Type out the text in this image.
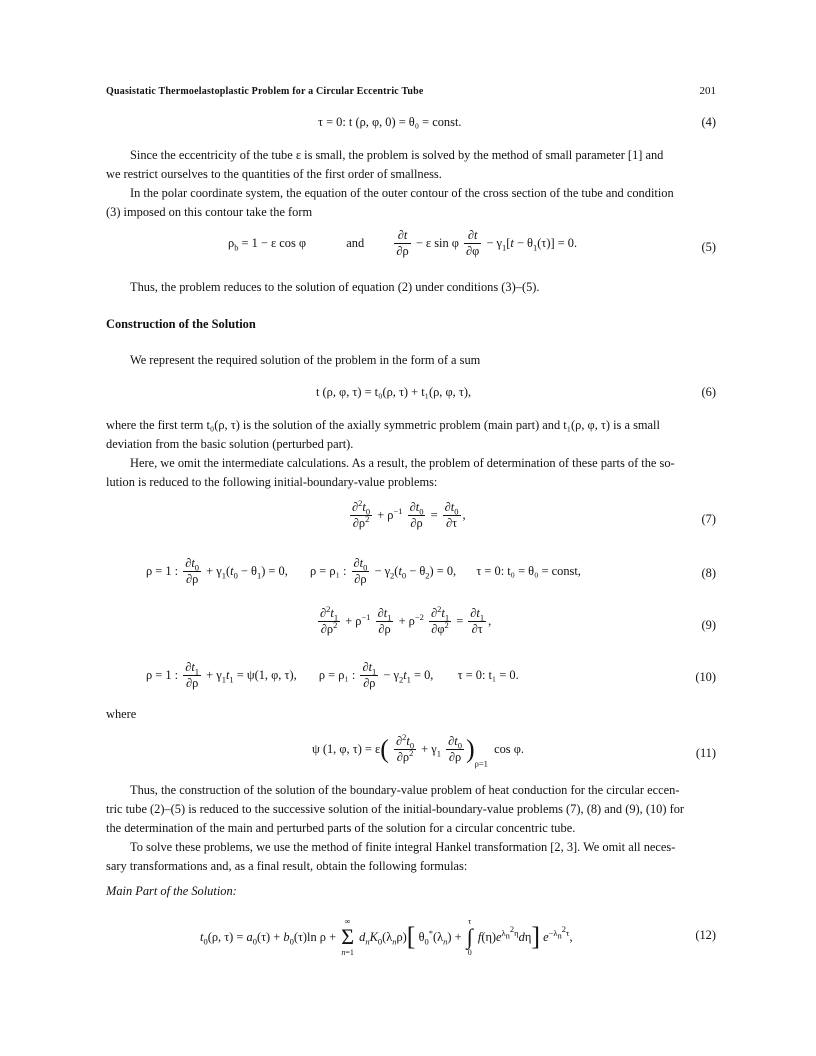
Quasistatic Thermoelastoplastic Problem for a Circular Eccentric Tube	201
τ = 0: t (ρ, φ, 0) = θ₀ = const.	(4)
Since the eccentricity of the tube ε is small, the problem is solved by the method of small parameter [1] and
we restrict ourselves to the quantities of the first order of smallness.
In the polar coordinate system, the equation of the outer contour of the cross section of the tube and condition
(3) imposed on this contour take the form
$\rho_b = 1 - \varepsilon$ cos φ	and $\frac{\partial t}{\partial\rho} - \varepsilon$ sin φ $\frac{\partial t}{\partial\varphi} - \gamma_1[t - \theta_1(\tau)] = 0$.	(5)
Thus, the problem reduces to the solution of equation (2) under conditions (3)–(5).
Construction of the Solution
We represent the required solution of the problem in the form of a sum
t (ρ, φ, τ) = t₀(ρ, τ) + t₁(ρ, φ, τ),	(6)
where the first term t₀(ρ, τ) is the solution of the axially symmetric problem (main part) and t₁(ρ, φ, τ) is a small
deviation from the basic solution (perturbed part).
Here, we omit the intermediate calculations. As a result, the problem of determination of these parts of the so-
lution is reduced to the following initial-boundary-value problems:
$\frac{\partial^2t_0}{\partial\rho^2} + \rho^{-1} \frac{\partial t_0}{\partial\rho} = \frac{\partial t_0}{\partial\tau}$ ,	(7)
ρ = 1 : $\frac{\partial t_0}{\partial\rho} + \gamma_1(t_0 - \theta_1) = 0$, ρ = ρ₁ : $\frac{\partial t_0}{\partial\rho} - \gamma_2(t_0 - \theta_2) = 0$, τ = 0: t₀ = θ₀ = const,	(8)
$\frac{\partial^2t_1}{\partial\rho^2} + \rho^{-1} \frac{\partial t_1}{\partial\rho} + \rho^{-2} \frac{\partial^2t_1}{\partial\varphi^2} = \frac{\partial t_1}{\partial\tau}$ ,	(9)
ρ = 1 : $\frac{\partial t_1}{\partial\rho} + \gamma_1t_1 = \psi(1$, φ, τ), ρ = ρ₁ : $\frac{\partial t_1}{\partial\rho} - \gamma_2t_1 = 0$, τ = 0: t₁ = 0.	(10)
where
ψ (1, φ, $\tau) = \varepsilon( \frac{\partial^2t_0}{\partial\rho^2} + \gamma_1 \frac{\partial t_0}{\partial\rho} )_{\rho=1}$  cos φ.	(11)
Thus, the construction of the solution of the boundary-value problem of heat conduction for the circular eccen-
tric tube (2)–(5) is reduced to the successive solution of the initial-boundary-value problems (7), (8) and (9), (10) for
the determination of the main and perturbed parts of the solution for a circular concentric tube.
To solve these problems, we use the method of finite integral Hankel transformation [2, 3]. We omit all neces-
sary transformations and, as a final result, obtain the following formulas:
Main Part of the Solution:
$t_0(\rho$, $\tau) = a_0(\tau) + b_0(\tau)\ln$ ρ +
∞
Σ
n=1
$d_nK_0(\lambda_n\rho)$[ $\theta_0^*(\lambda_n)$ +
τ
∫
0
$f(\eta)e^{\lambda_n^2\eta}d\eta$] $e^{-\lambda_n^2\tau}$,	(12)
